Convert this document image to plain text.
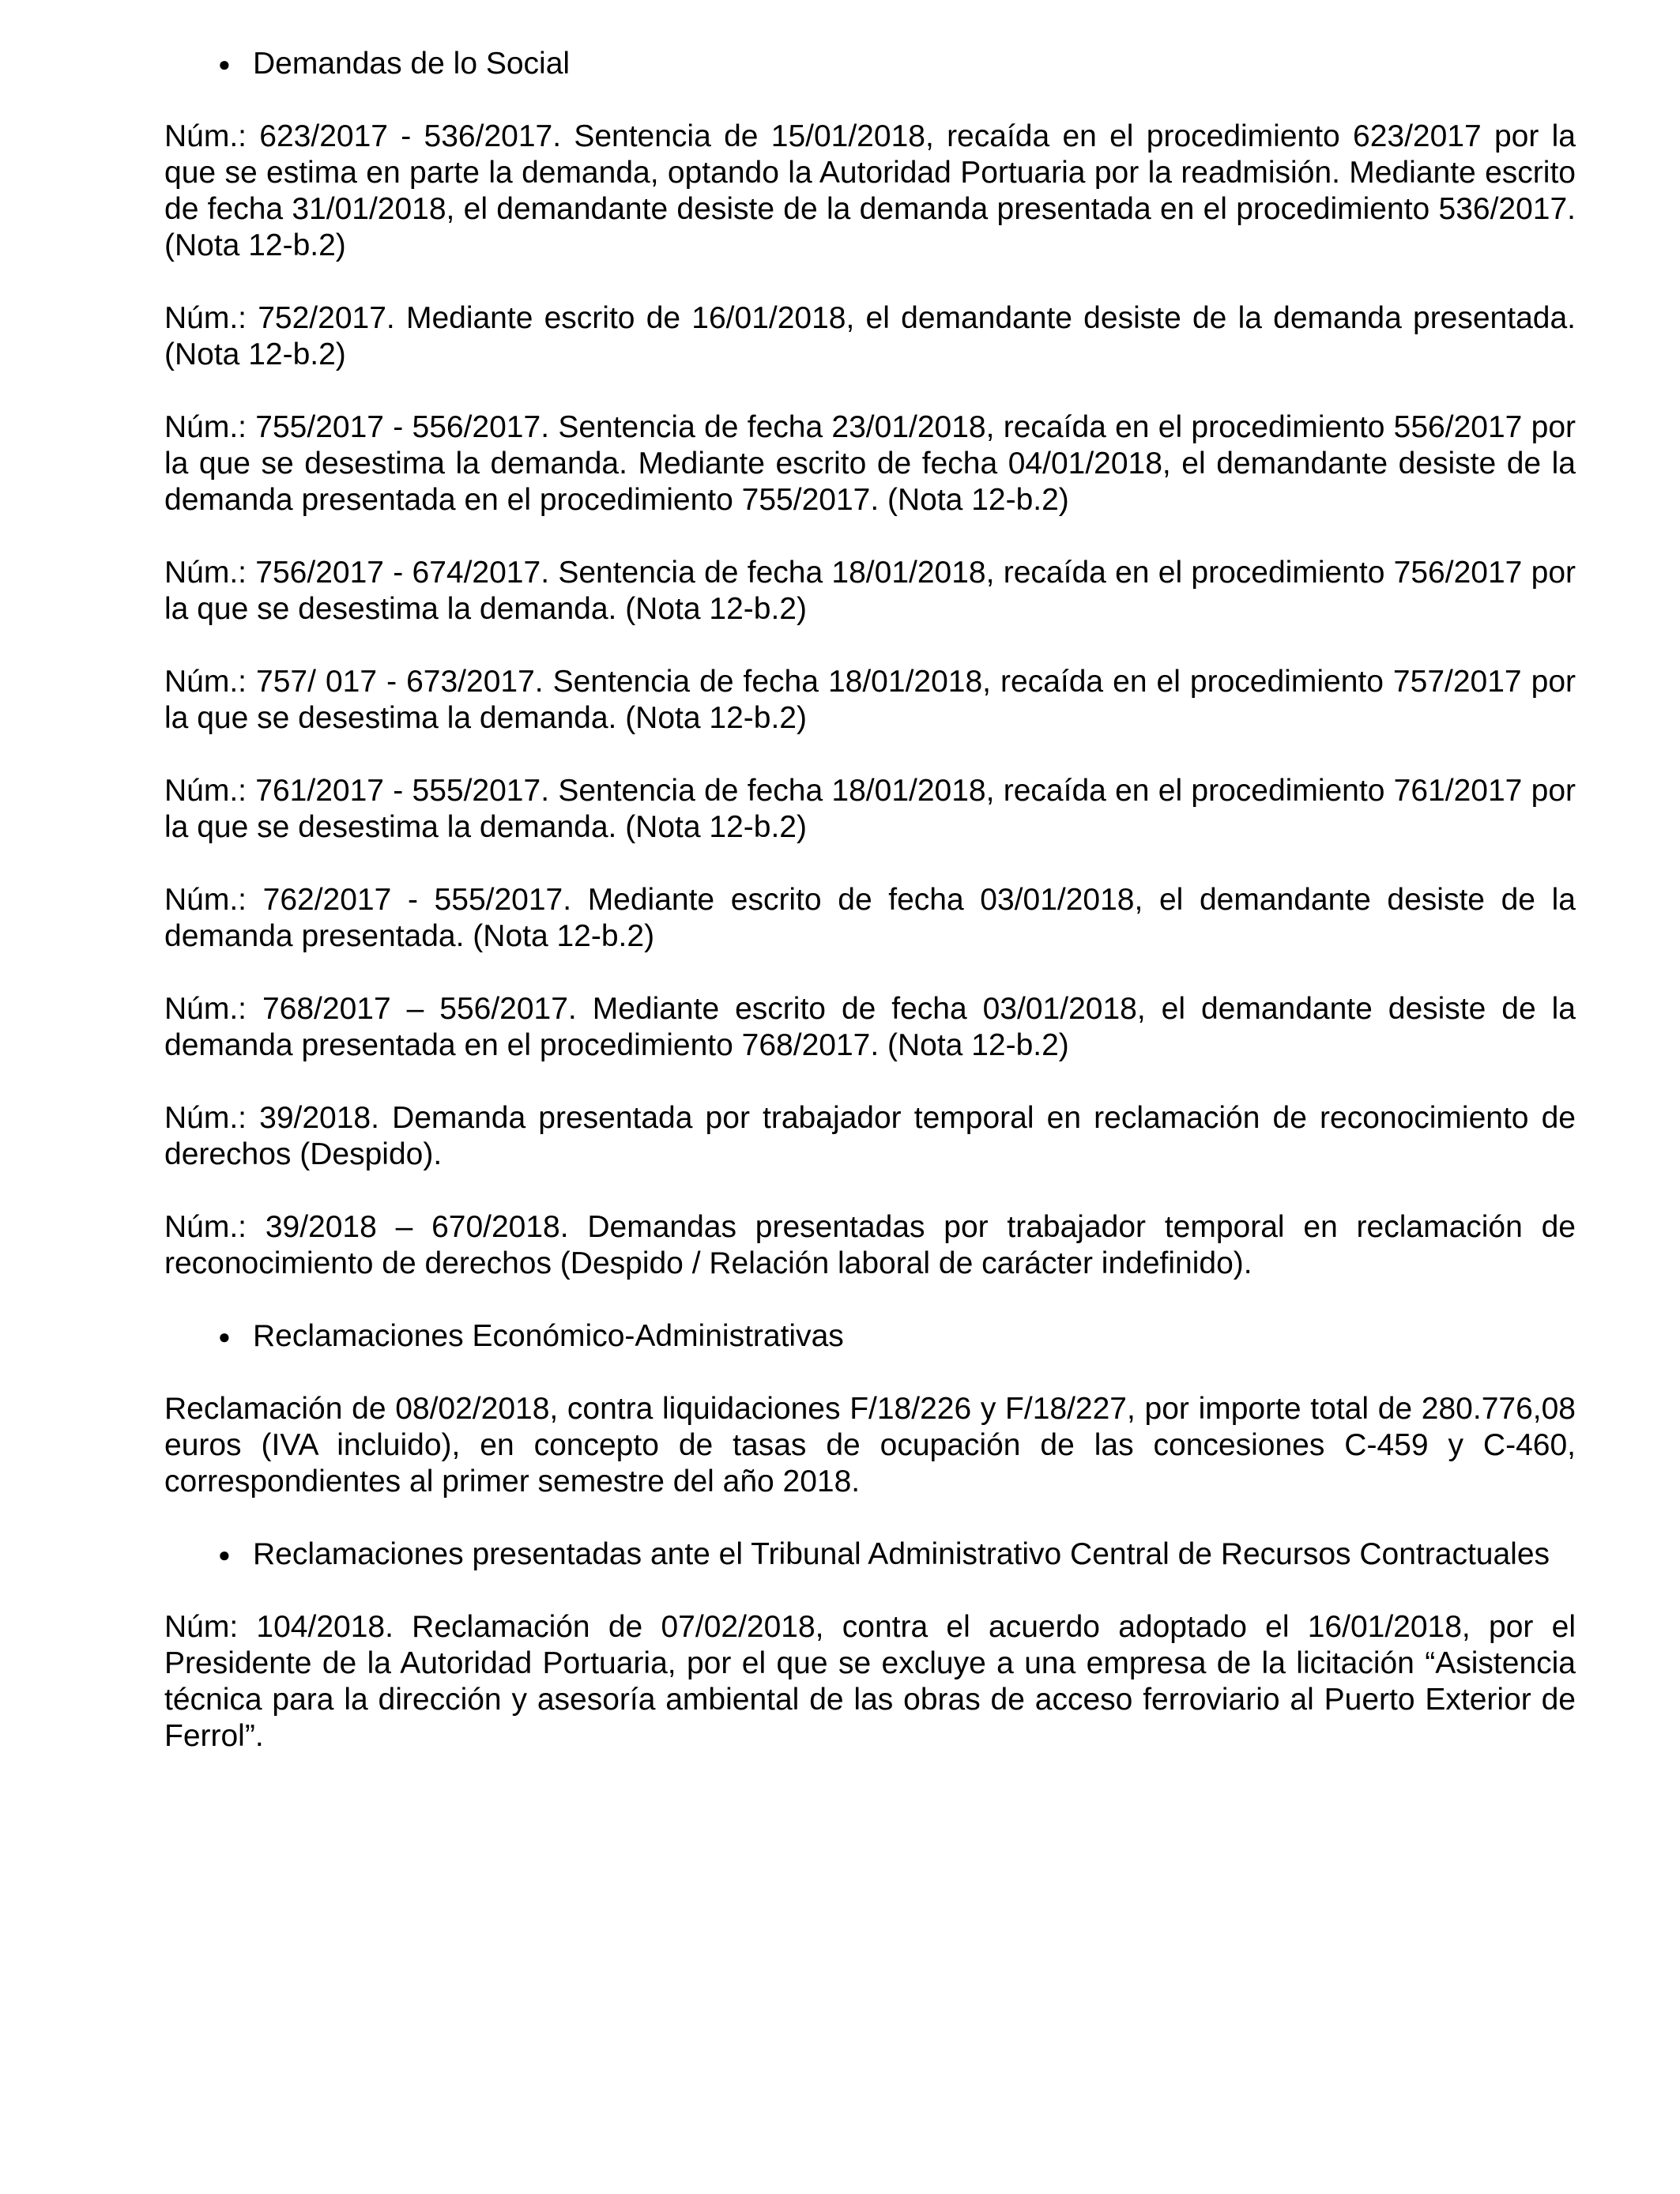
● Demandas de lo Social

Núm.: 623/2017 - 536/2017. Sentencia de 15/01/2018, recaída en el procedimiento 623/2017 por la que se estima en parte la demanda, optando la Autoridad Portuaria por la readmisión. Mediante escrito de fecha 31/01/2018, el demandante desiste de la demanda presentada en el procedimiento 536/2017. (Nota 12-b.2)

Núm.: 752/2017. Mediante escrito de 16/01/2018, el demandante desiste de la demanda presentada. (Nota 12-b.2)

Núm.: 755/2017 - 556/2017. Sentencia de fecha 23/01/2018, recaída en el procedimiento 556/2017 por la que se desestima la demanda. Mediante escrito de fecha 04/01/2018, el demandante desiste de la demanda presentada en el procedimiento 755/2017. (Nota 12-b.2)

Núm.: 756/2017 - 674/2017. Sentencia de fecha 18/01/2018, recaída en el procedimiento 756/2017 por la que se desestima la demanda. (Nota 12-b.2)

Núm.: 757/ 017 - 673/2017. Sentencia de fecha 18/01/2018, recaída en el procedimiento 757/2017 por la que se desestima la demanda. (Nota 12-b.2)

Núm.: 761/2017 - 555/2017. Sentencia de fecha 18/01/2018, recaída en el procedimiento 761/2017 por la que se desestima la demanda. (Nota 12-b.2)

Núm.: 762/2017 - 555/2017. Mediante escrito de fecha 03/01/2018, el demandante desiste de la demanda presentada. (Nota 12-b.2)

Núm.: 768/2017 – 556/2017. Mediante escrito de fecha 03/01/2018, el demandante desiste de la demanda presentada en el procedimiento 768/2017. (Nota 12-b.2)

Núm.: 39/2018. Demanda presentada por trabajador temporal en reclamación de reconocimiento de derechos (Despido).

Núm.: 39/2018 – 670/2018. Demandas presentadas por trabajador temporal en reclamación de reconocimiento de derechos (Despido / Relación laboral de carácter indefinido).

● Reclamaciones Económico-Administrativas

Reclamación de 08/02/2018, contra liquidaciones F/18/226 y F/18/227, por importe total de 280.776,08 euros (IVA incluido), en concepto de tasas de ocupación de las concesiones C-459 y C-460, correspondientes al primer semestre del año 2018.

● Reclamaciones presentadas ante el Tribunal Administrativo Central de Recursos Contractuales

Núm: 104/2018. Reclamación de 07/02/2018, contra el acuerdo adoptado el 16/01/2018, por el Presidente de la Autoridad Portuaria, por el que se excluye a una empresa de la licitación “Asistencia técnica para la dirección y asesoría ambiental de las obras de acceso ferroviario al Puerto Exterior de Ferrol”.
